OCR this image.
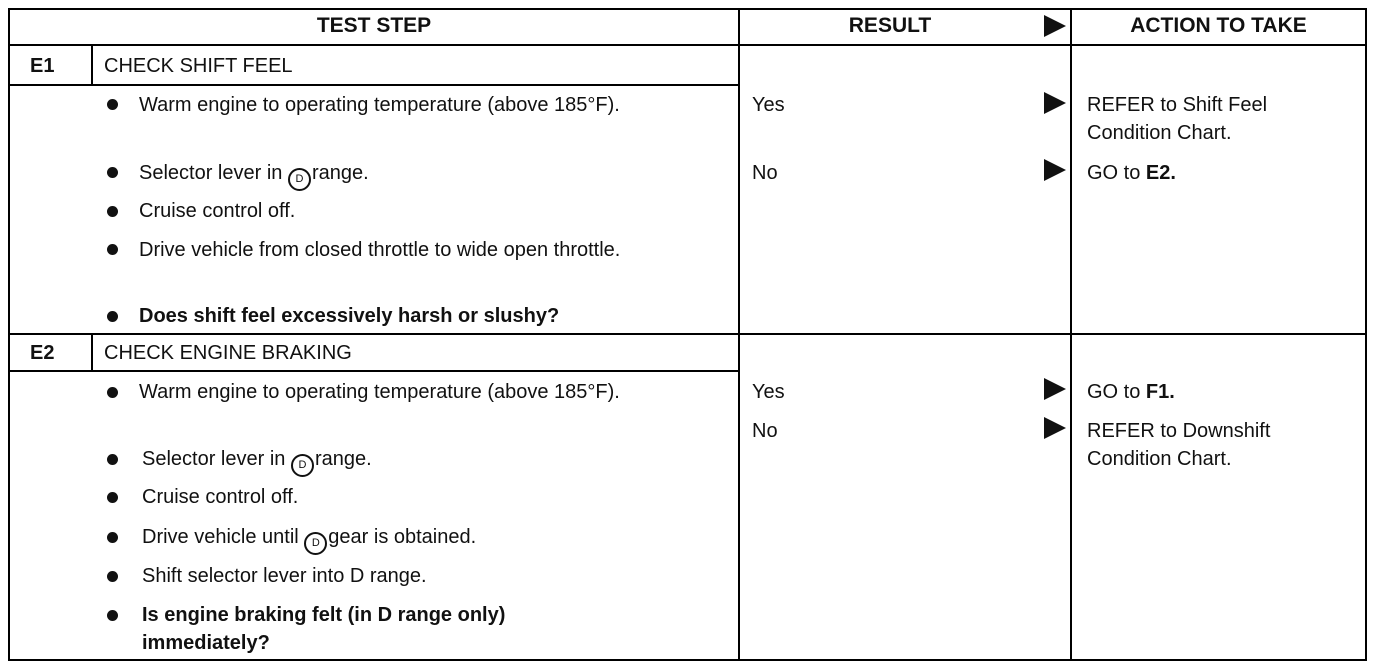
TEST STEP	RESULT	ACTION TO TAKE
E1 CHECK SHIFT FEEL
Warm engine to operating temperature (above 185°F).
Selector lever in D range.
Cruise control off.
Drive vehicle from closed throttle to wide open throttle.
Does shift feel excessively harsh or slushy?
Yes	REFER to Shift Feel Condition Chart.
No	GO to E2.
E2 CHECK ENGINE BRAKING
Warm engine to operating temperature (above 185°F).
Selector lever in D range.
Cruise control off.
Drive vehicle until D gear is obtained.
Shift selector lever into D range.
Is engine braking felt (in D range only) immediately?
Yes	GO to F1.
No	REFER to Downshift Condition Chart.
